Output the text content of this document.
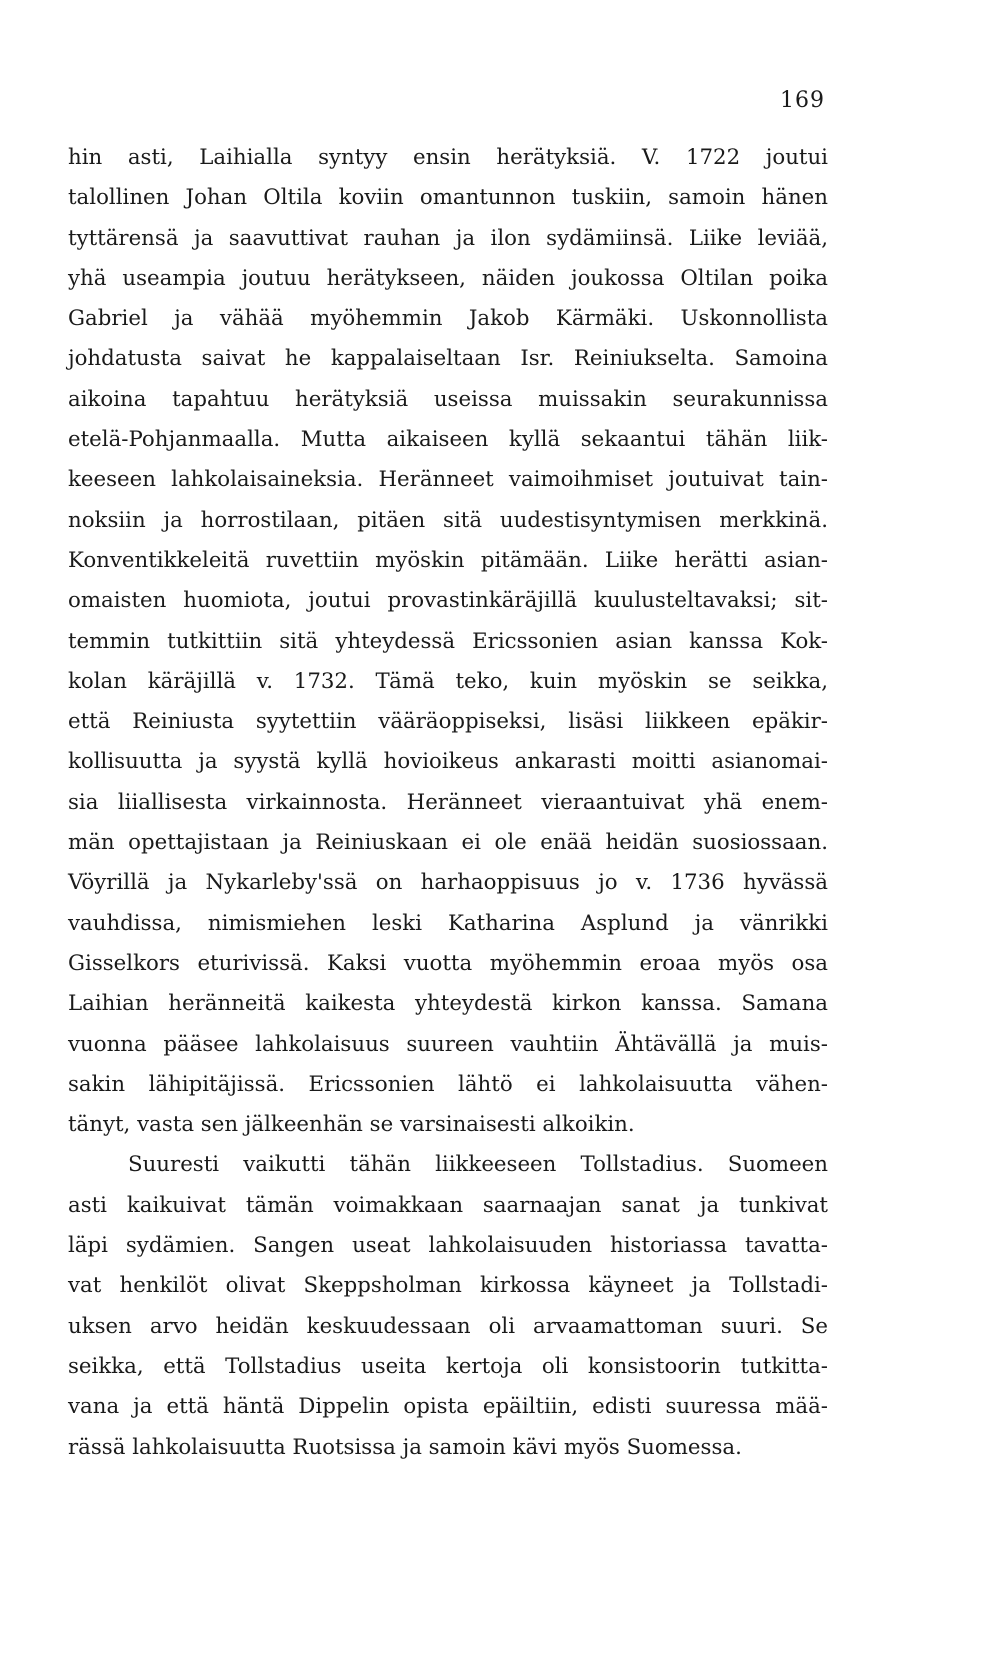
169
hin asti, Laihialla syntyy ensin herätyksiä. V. 1722 joutui
talollinen Johan Oltila koviin omantunnon tuskiin, samoin hänen
tyttärensä ja saavuttivat rauhan ja ilon sydämiinsä. Liike leviää,
yhä useampia joutuu herätykseen, näiden joukossa Oltilan poika
Gabriel ja vähää myöhemmin Jakob Kärmäki. Uskonnollista
johdatusta saivat he kappalaiseltaan Isr. Reiniukselta. Samoina
aikoina tapahtuu herätyksiä useissa muissakin seurakunnissa
etelä-Pohjanmaalla. Mutta aikaiseen kyllä sekaantui tähän liik-
keeseen lahkolaisaineksia. Heränneet vaimoihmiset joutuivat tain-
noksiin ja horrostilaan, pitäen sitä uudestisyntymisen merkkinä.
Konventikkeleitä ruvettiin myöskin pitämään. Liike herätti asian-
omaisten huomiota, joutui provastinkäräjillä kuulusteltavaksi; sit-
temmin tutkittiin sitä yhteydessä Ericssonien asian kanssa Kok-
kolan käräjillä v. 1732. Tämä teko, kuin myöskin se seikka,
että Reiniusta syytettiin vääräoppiseksi, lisäsi liikkeen epäkir-
kollisuutta ja syystä kyllä hovioikeus ankarasti moitti asianomai-
sia liiallisesta virkainnosta. Heränneet vieraantuivat yhä enem-
män opettajistaan ja Reiniuskaan ei ole enää heidän suosiossaan.
Vöyrillä ja Nykarleby'ssä on harhaoppisuus jo v. 1736 hyvässä
vauhdissa, nimismiehen leski Katharina Asplund ja vänrikki
Gisselkors eturivissä. Kaksi vuotta myöhemmin eroaa myös osa
Laihian heränneitä kaikesta yhteydestä kirkon kanssa. Samana
vuonna pääsee lahkolaisuus suureen vauhtiin Ähtävällä ja muis-
sakin lähipitäjissä. Ericssonien lähtö ei lahkolaisuutta vähen-
tänyt, vasta sen jälkeenhän se varsinaisesti alkoikin.
Suuresti vaikutti tähän liikkeeseen Tollstadius. Suomeen
asti kaikuivat tämän voimakkaan saarnaajan sanat ja tunkivat
läpi sydämien. Sangen useat lahkolaisuuden historiassa tavatta-
vat henkilöt olivat Skeppsholman kirkossa käyneet ja Tollstadi-
uksen arvo heidän keskuudessaan oli arvaamattoman suuri. Se
seikka, että Tollstadius useita kertoja oli konsistoorin tutkitta-
vana ja että häntä Dippelin opista epäiltiin, edisti suuressa mää-
rässä lahkolaisuutta Ruotsissa ja samoin kävi myös Suomessa.
